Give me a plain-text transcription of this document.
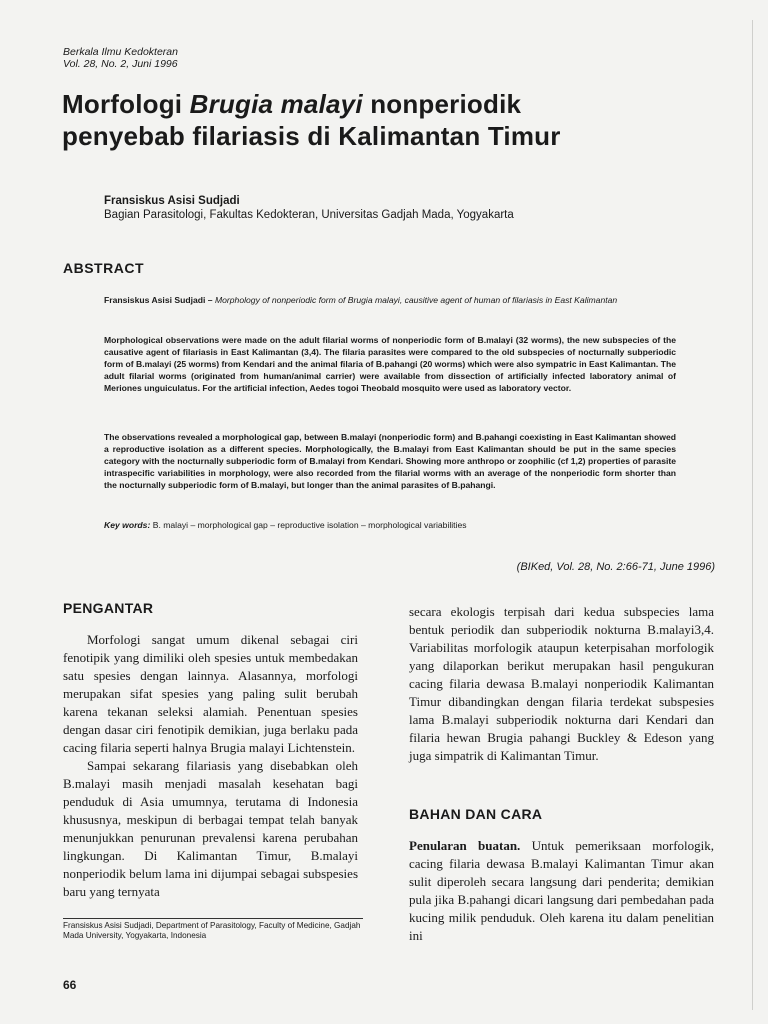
Berkala Ilmu Kedokteran
Vol. 28, No. 2, Juni 1996
Morfologi Brugia malayi nonperiodik
penyebab filariasis di Kalimantan Timur
Fransiskus Asisi Sudjadi
Bagian Parasitologi, Fakultas Kedokteran, Universitas Gadjah Mada, Yogyakarta
ABSTRACT
Fransiskus Asisi Sudjadi – Morphology of nonperiodic form of Brugia malayi, causitive agent of human of filariasis in East Kalimantan
Morphological observations were made on the adult filarial worms of nonperiodic form of B.malayi (32 worms), the new subspecies of the causative agent of filariasis in East Kalimantan (3,4). The filaria parasites were compared to the old subspecies of nocturnally subperiodic form of B.malayi (25 worms) from Kendari and the animal filaria of B.pahangi (20 worms) which were also sympatric in East Kalimantan. The adult filarial worms (originated from human/animal carrier) were available from dissection of artificially infected laboratory animal of Meriones unguiculatus. For the artificial infection, Aedes togoi Theobald mosquito were used as laboratory vector.
The observations revealed a morphological gap, between B.malayi (nonperiodic form) and B.pahangi coexisting in East Kalimantan showed a reproductive isolation as a different species. Morphologically, the B.malayi from East Kalimantan should be put in the same species category with the nocturnally subperiodic form of B.malayi from Kendari. Showing more anthropo or zoophilic (cf 1,2) properties of parasite intraspecific variabilities in morphology, were also recorded from the filarial worms with an average of the nonperiodic form shorter than the nocturnally subperiodic form of B.malayi, but longer than the animal parasites of B.pahangi.
Key words: B. malayi – morphological gap – reproductive isolation – morphological variabilities
(BIKed, Vol. 28, No. 2:66-71, June 1996)
PENGANTAR

Morfologi sangat umum dikenal sebagai ciri fenotipik yang dimiliki oleh spesies untuk membedakan satu spesies dengan lainnya. Alasannya, morfologi merupakan sifat spesies yang paling sulit berubah karena tekanan seleksi alamiah. Penentuan spesies dengan dasar ciri fenotipik demikian, juga berlaku pada cacing filaria seperti halnya Brugia malayi Lichtenstein.

Sampai sekarang filariasis yang disebabkan oleh B.malayi masih menjadi masalah kesehatan bagi penduduk di Asia umumnya, terutama di Indonesia khususnya, meskipun di berbagai tempat telah banyak menunjukkan penurunan prevalensi karena perubahan lingkungan. Di Kalimantan Timur, B.malayi nonperiodik belum lama ini dijumpai sebagai subspesies baru yang ternyata

secara ekologis terpisah dari kedua subspecies lama bentuk periodik dan subperiodik nokturna B.malayi3,4. Variabilitas morfologik ataupun keterpisahan morfologik yang dilaporkan berikut merupakan hasil pengukuran cacing filaria dewasa B.malayi nonperiodik Kalimantan Timur dibandingkan dengan filaria terdekat subspesies lama B.malayi subperiodik nokturna dari Kendari dan filaria hewan Brugia pahangi Buckley & Edeson yang juga simpatrik di Kalimantan Timur.

BAHAN DAN CARA

Penularan buatan. Untuk pemeriksaan morfologik, cacing filaria dewasa B.malayi Kalimantan Timur akan sulit diperoleh secara langsung dari penderita; demikian pula jika B.pahangi dicari langsung dari pembedahan pada kucing milik penduduk. Oleh karena itu dalam penelitian ini

Fransiskus Asisi Sudjadi, Department of Parasitology, Faculty of Medicine, Gadjah Mada University, Yogyakarta, Indonesia
66
